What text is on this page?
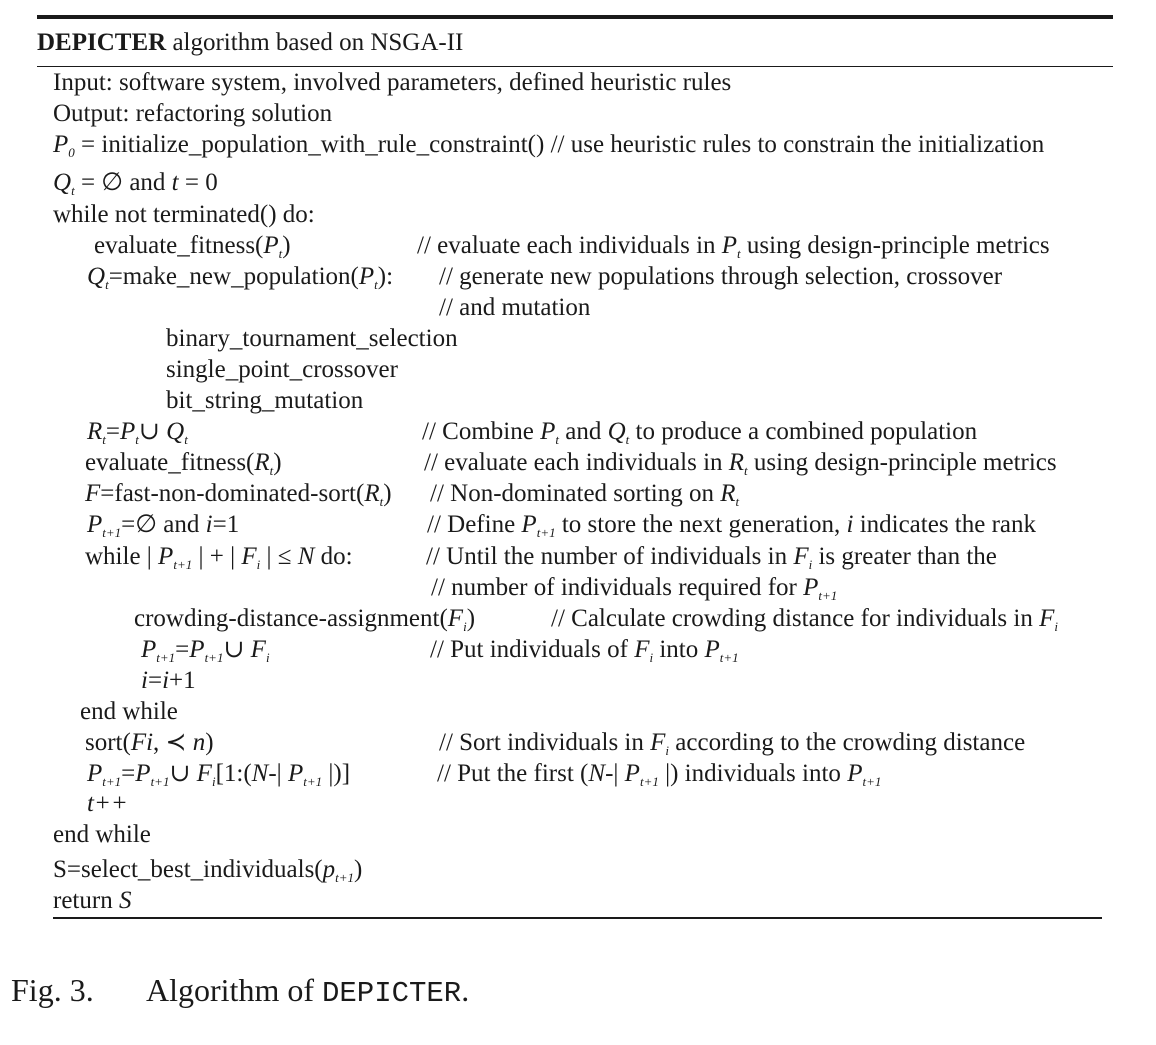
DEPICTER algorithm based on NSGA-II
Input: software system, involved parameters, defined heuristic rules
Output: refactoring solution
$P_0$ = initialize_population_with_rule_constraint() // use heuristic rules to constrain the initialization
$Q_t$ = ∅ and t = 0
while not terminated() do:
$evaluate\_fitness(P_t)$	// evaluate each individuals in $P_t$ using design-principle metrics
$Q_t=make\_new\_population(P_t)$: // generate new populations through selection, crossover
// and mutation
binary_tournament_selection
single_point_crossover
bit_string_mutation
$R_t=P_t\cup$ $Q_t$	// Combine $P_t$ and $Q_t$ to produce a combined population
$evaluate\_fitness(R_t)$	// evaluate each individuals in $R_t$ using design-principle metrics
$F=fast-non-dominated-sort(R_t)$ // Non-dominated sorting on $R_t$
$P_{t+1}=\emptyset$ and i=1	// Define $P_{t+1}$ to store the next generation, i indicates the rank
while | $P_{t+1}$ | + | $F_i$ | ≤ N do:	// Until the number of individuals in $F_i$ is greater than the
// number of individuals required for $P_{t+1}$
crowding-$distance-assignment(F_i)$	// Calculate crowding distance for individuals in $F_i$
$P_{t+1}=P_{t+1}\cup$ $F_i$	// Put individuals of $F_i$ into $P_{t+1}$
i=i+1
end while
sort(Fi, ≺ n)	// Sort individuals in $F_i$ according to the crowding distance
$P_{t+1}=P_{t+1}\cup$ $F_i[1:(N-|$ $P_{t+1}$ |)]	// Put the first (N-| $P_{t+1}$ |) individuals into $P_{t+1}$
t++
end while
$S=select\_best\_individuals(p_{t+1})$
return S
Fig. 3. Algorithm of DEPICTER.
